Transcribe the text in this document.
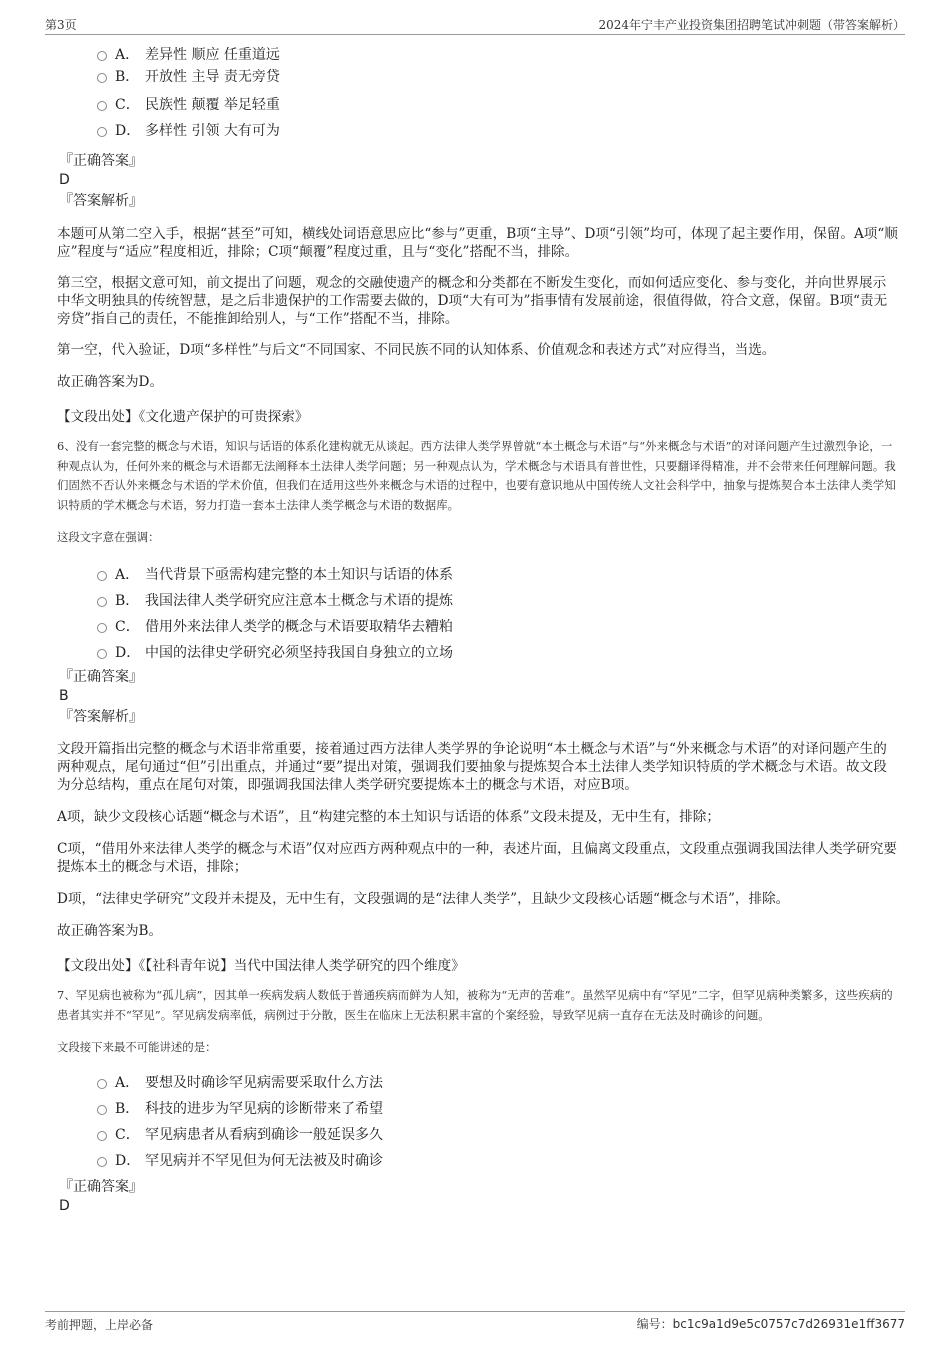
第3页	2024年宁丰产业投资集团招聘笔试冲刺题（带答案解析）
A． 差异性 顺应 任重道远
B． 开放性 主导 责无旁贷
C． 民族性 颠覆 举足轻重
D． 多样性 引领 大有可为
『正确答案』
D
『答案解析』

本题可从第二空入手，根据“甚至”可知，横线处词语意思应比“参与”更重，B项“主导”、D项“引领”均可，体现了起主要作用，保留。A项“顺应”程度与“适应”程度相近，排除；C项“颠覆”程度过重，且与“变化”搭配不当，排除。

第三空，根据文意可知，前文提出了问题，观念的交融使遗产的概念和分类都在不断发生变化，而如何适应变化、参与变化，并向世界展示中华文明独具的传统智慧，是之后非遗保护的工作需要去做的，D项“大有可为”指事情有发展前途，很值得做，符合文意，保留。B项“责无旁贷”指自己的责任，不能推卸给别人，与“工作”搭配不当，排除。

第一空，代入验证，D项“多样性”与后文“不同国家、不同民族不同的认知体系、价值观念和表述方式”对应得当，当选。

故正确答案为D。

【文段出处】《文化遗产保护的可贵探索》

6、没有一套完整的概念与术语，知识与话语的体系化建构就无从谈起。西方法律人类学界曾就“本土概念与术语”与“外来概念与术语”的对译问题产生过激烈争论，一种观点认为，任何外来的概念与术语都无法阐释本土法律人类学问题；另一种观点认为，学术概念与术语具有普世性，只要翻译得精准，并不会带来任何理解问题。我们固然不否认外来概念与术语的学术价值，但我们在适用这些外来概念与术语的过程中，也要有意识地从中国传统人文社会科学中，抽象与提炼契合本土法律人类学知识特质的学术概念与术语，努力打造一套本土法律人类学概念与术语的数据库。

这段文字意在强调：

A． 当代背景下亟需构建完整的本土知识与话语的体系
B． 我国法律人类学研究应注意本土概念与术语的提炼
C． 借用外来法律人类学的概念与术语要取精华去糟粕
D． 中国的法律史学研究必须坚持我国自身独立的立场
『正确答案』
B
『答案解析』

文段开篇指出完整的概念与术语非常重要，接着通过西方法律人类学界的争论说明“本土概念与术语”与“外来概念与术语”的对译问题产生的两种观点，尾句通过“但”引出重点，并通过“要”提出对策，强调我们要抽象与提炼契合本土法律人类学知识特质的学术概念与术语。故文段为分总结构，重点在尾句对策，即强调我国法律人类学研究要提炼本土的概念与术语，对应B项。

A项，缺少文段核心话题“概念与术语”，且“构建完整的本土知识与话语的体系”文段未提及，无中生有，排除；

C项，“借用外来法律人类学的概念与术语”仅对应西方两种观点中的一种，表述片面，且偏离文段重点，文段重点强调我国法律人类学研究要提炼本土的概念与术语，排除；

D项，“法律史学研究”文段并未提及，无中生有，文段强调的是“法律人类学”，且缺少文段核心话题“概念与术语”，排除。

故正确答案为B。

【文段出处】《【社科青年说】当代中国法律人类学研究的四个维度》

7、罕见病也被称为“孤儿病”，因其单一疾病发病人数低于普通疾病而鲜为人知，被称为“无声的苦难”。虽然罕见病中有“罕见”二字，但罕见病种类繁多，这些疾病的患者其实并不“罕见”。罕见病发病率低，病例过于分散，医生在临床上无法积累丰富的个案经验，导致罕见病一直存在无法及时确诊的问题。

文段接下来最不可能讲述的是：

A． 要想及时确诊罕见病需要采取什么方法
B． 科技的进步为罕见病的诊断带来了希望
C． 罕见病患者从看病到确诊一般延误多久
D． 罕见病并不罕见但为何无法被及时确诊
『正确答案』
D
考前押题，上岸必备	编号：bc1c9a1d9e5c0757c7d26931e1ff3677
